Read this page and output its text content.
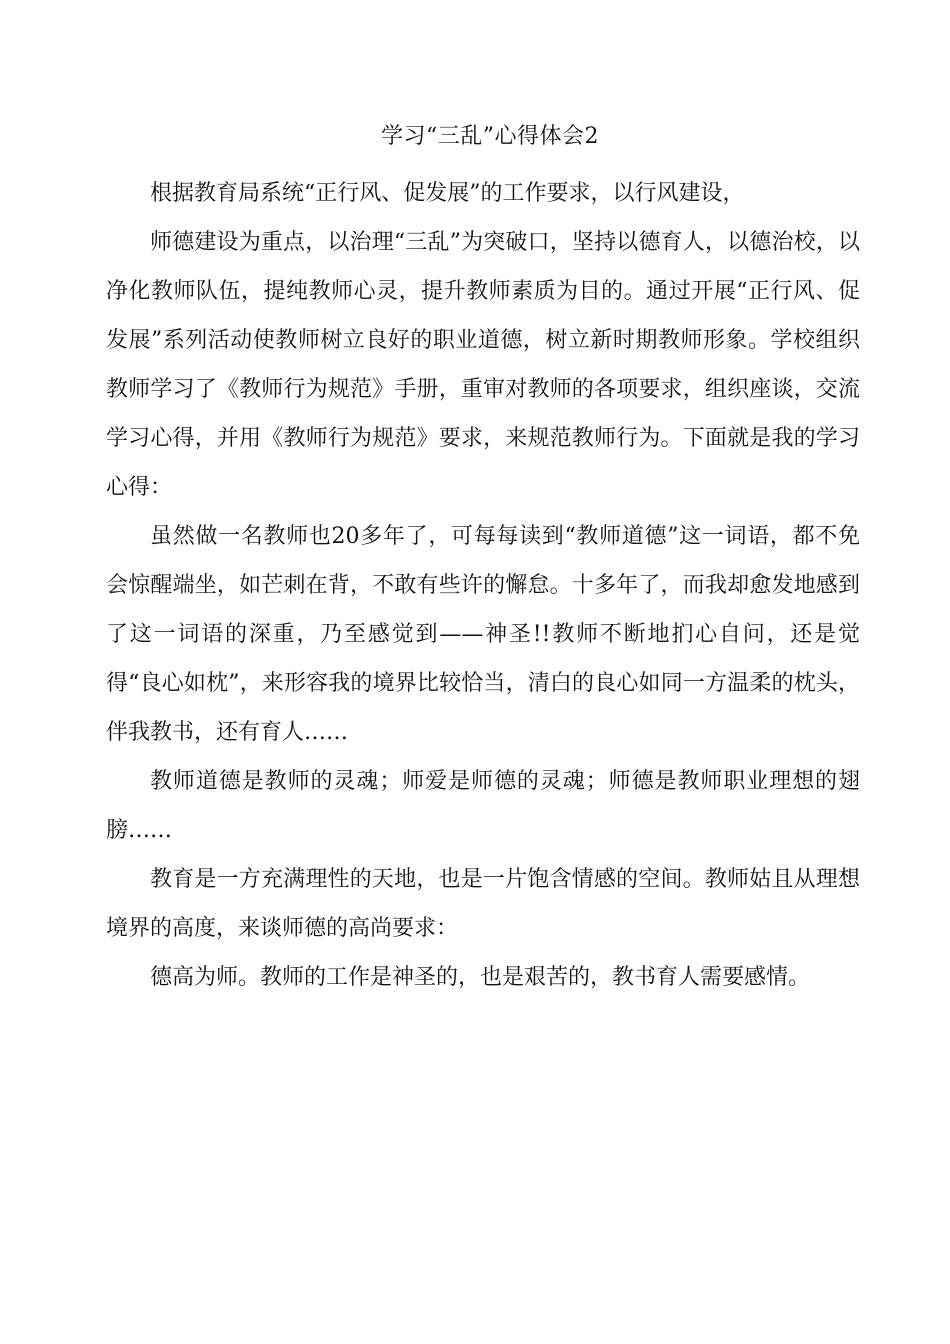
学习“三乱”心得体会2

根据教育局系统“正行风、促发展”的工作要求，以行风建设，

师德建设为重点，以治理“三乱”为突破口，坚持以德育人，以德治校，以净化教师队伍，提纯教师心灵，提升教师素质为目的。通过开展“正行风、促发展”系列活动使教师树立良好的职业道德，树立新时期教师形象。学校组织教师学习了《教师行为规范》手册，重审对教师的各项要求，组织座谈，交流学习心得，并用《教师行为规范》要求，来规范教师行为。下面就是我的学习心得：

虽然做一名教师也20多年了，可每每读到“教师道德”这一词语，都不免会惊醒端坐，如芒刺在背，不敢有些许的懈怠。十多年了，而我却愈发地感到了这一词语的深重，乃至感觉到——神圣!!教师不断地扪心自问，还是觉得“良心如枕”，来形容我的境界比较恰当，清白的良心如同一方温柔的枕头，伴我教书，还有育人……

教师道德是教师的灵魂；师爱是师德的灵魂；师德是教师职业理想的翅膀……

教育是一方充满理性的天地，也是一片饱含情感的空间。教师姑且从理想境界的高度，来谈师德的高尚要求：

德高为师。教师的工作是神圣的，也是艰苦的，教书育人需要感情。
